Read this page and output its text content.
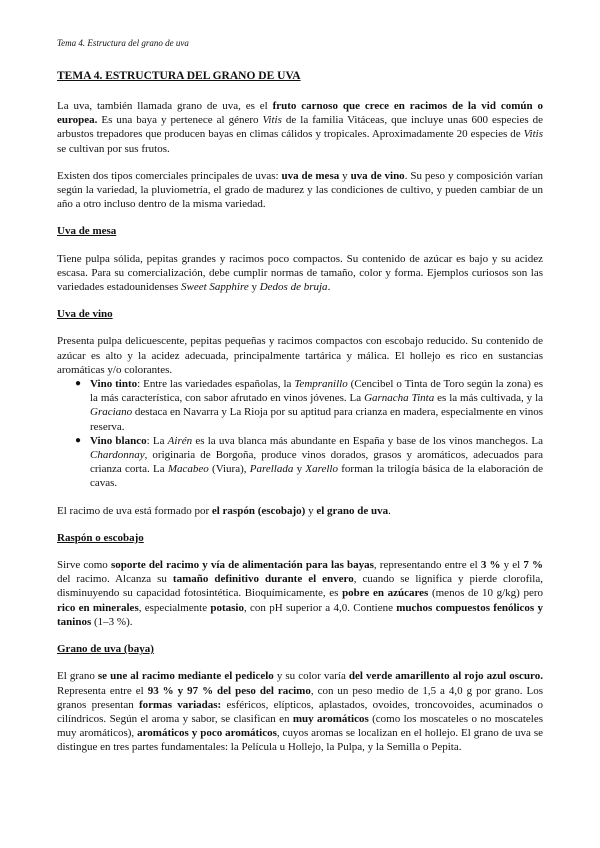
Tema 4. Estructura del grano de uva
TEMA 4. ESTRUCTURA DEL GRANO DE UVA

La uva, también llamada grano de uva, es el fruto carnoso que crece en racimos de la vid común o europea. Es una baya y pertenece al género Vitis de la familia Vitáceas, que incluye unas 600 especies de arbustos trepadores que producen bayas en climas cálidos y tropicales. Aproximadamente 20 especies de Vitis se cultivan por sus frutos.

Existen dos tipos comerciales principales de uvas: uva de mesa y uva de vino. Su peso y composición varían según la variedad, la pluviometría, el grado de madurez y las condiciones de cultivo, y pueden cambiar de un año a otro incluso dentro de la misma variedad.

Uva de mesa

Tiene pulpa sólida, pepitas grandes y racimos poco compactos. Su contenido de azúcar es bajo y su acidez escasa. Para su comercialización, debe cumplir normas de tamaño, color y forma. Ejemplos curiosos son las variedades estadounidenses Sweet Sapphire y Dedos de bruja.

Uva de vino

Presenta pulpa delicuescente, pepitas pequeñas y racimos compactos con escobajo reducido. Su contenido de azúcar es alto y la acidez adecuada, principalmente tartárica y málica. El hollejo es rico en sustancias aromáticas y/o colorantes.

● Vino tinto: Entre las variedades españolas, la Tempranillo (Cencibel o Tinta de Toro según la zona) es la más característica, con sabor afrutado en vinos jóvenes. La Garnacha Tinta es la más cultivada, y la Graciano destaca en Navarra y La Rioja por su aptitud para crianza en madera, especialmente en vinos reserva.
● Vino blanco: La Airén es la uva blanca más abundante en España y base de los vinos manchegos. La Chardonnay, originaria de Borgoña, produce vinos dorados, grasos y aromáticos, adecuados para crianza corta. La Macabeo (Viura), Parellada y Xarello forman la trilogía básica de la elaboración de cavas.

El racimo de uva está formado por el raspón (escobajo) y el grano de uva.

Raspón o escobajo

Sirve como soporte del racimo y vía de alimentación para las bayas, representando entre el 3 % y el 7 % del racimo. Alcanza su tamaño definitivo durante el envero, cuando se lignifica y pierde clorofila, disminuyendo su capacidad fotosintética. Bioquímicamente, es pobre en azúcares (menos de 10 g/kg) pero rico en minerales, especialmente potasio, con pH superior a 4,0. Contiene muchos compuestos fenólicos y taninos (1–3 %).

Grano de uva (baya)

El grano se une al racimo mediante el pedicelo y su color varía del verde amarillento al rojo azul oscuro. Representa entre el 93 % y 97 % del peso del racimo, con un peso medio de 1,5 a 4,0 g por grano. Los granos presentan formas variadas: esféricos, elípticos, aplastados, ovoides, troncovoides, acuminados o cilíndricos. Según el aroma y sabor, se clasifican en muy aromáticos (como los moscateles o no moscateles muy aromáticos), aromáticos y poco aromáticos, cuyos aromas se localizan en el hollejo. El grano de uva se distingue en tres partes fundamentales: la Película u Hollejo, la Pulpa, y la Semilla o Pepita.
